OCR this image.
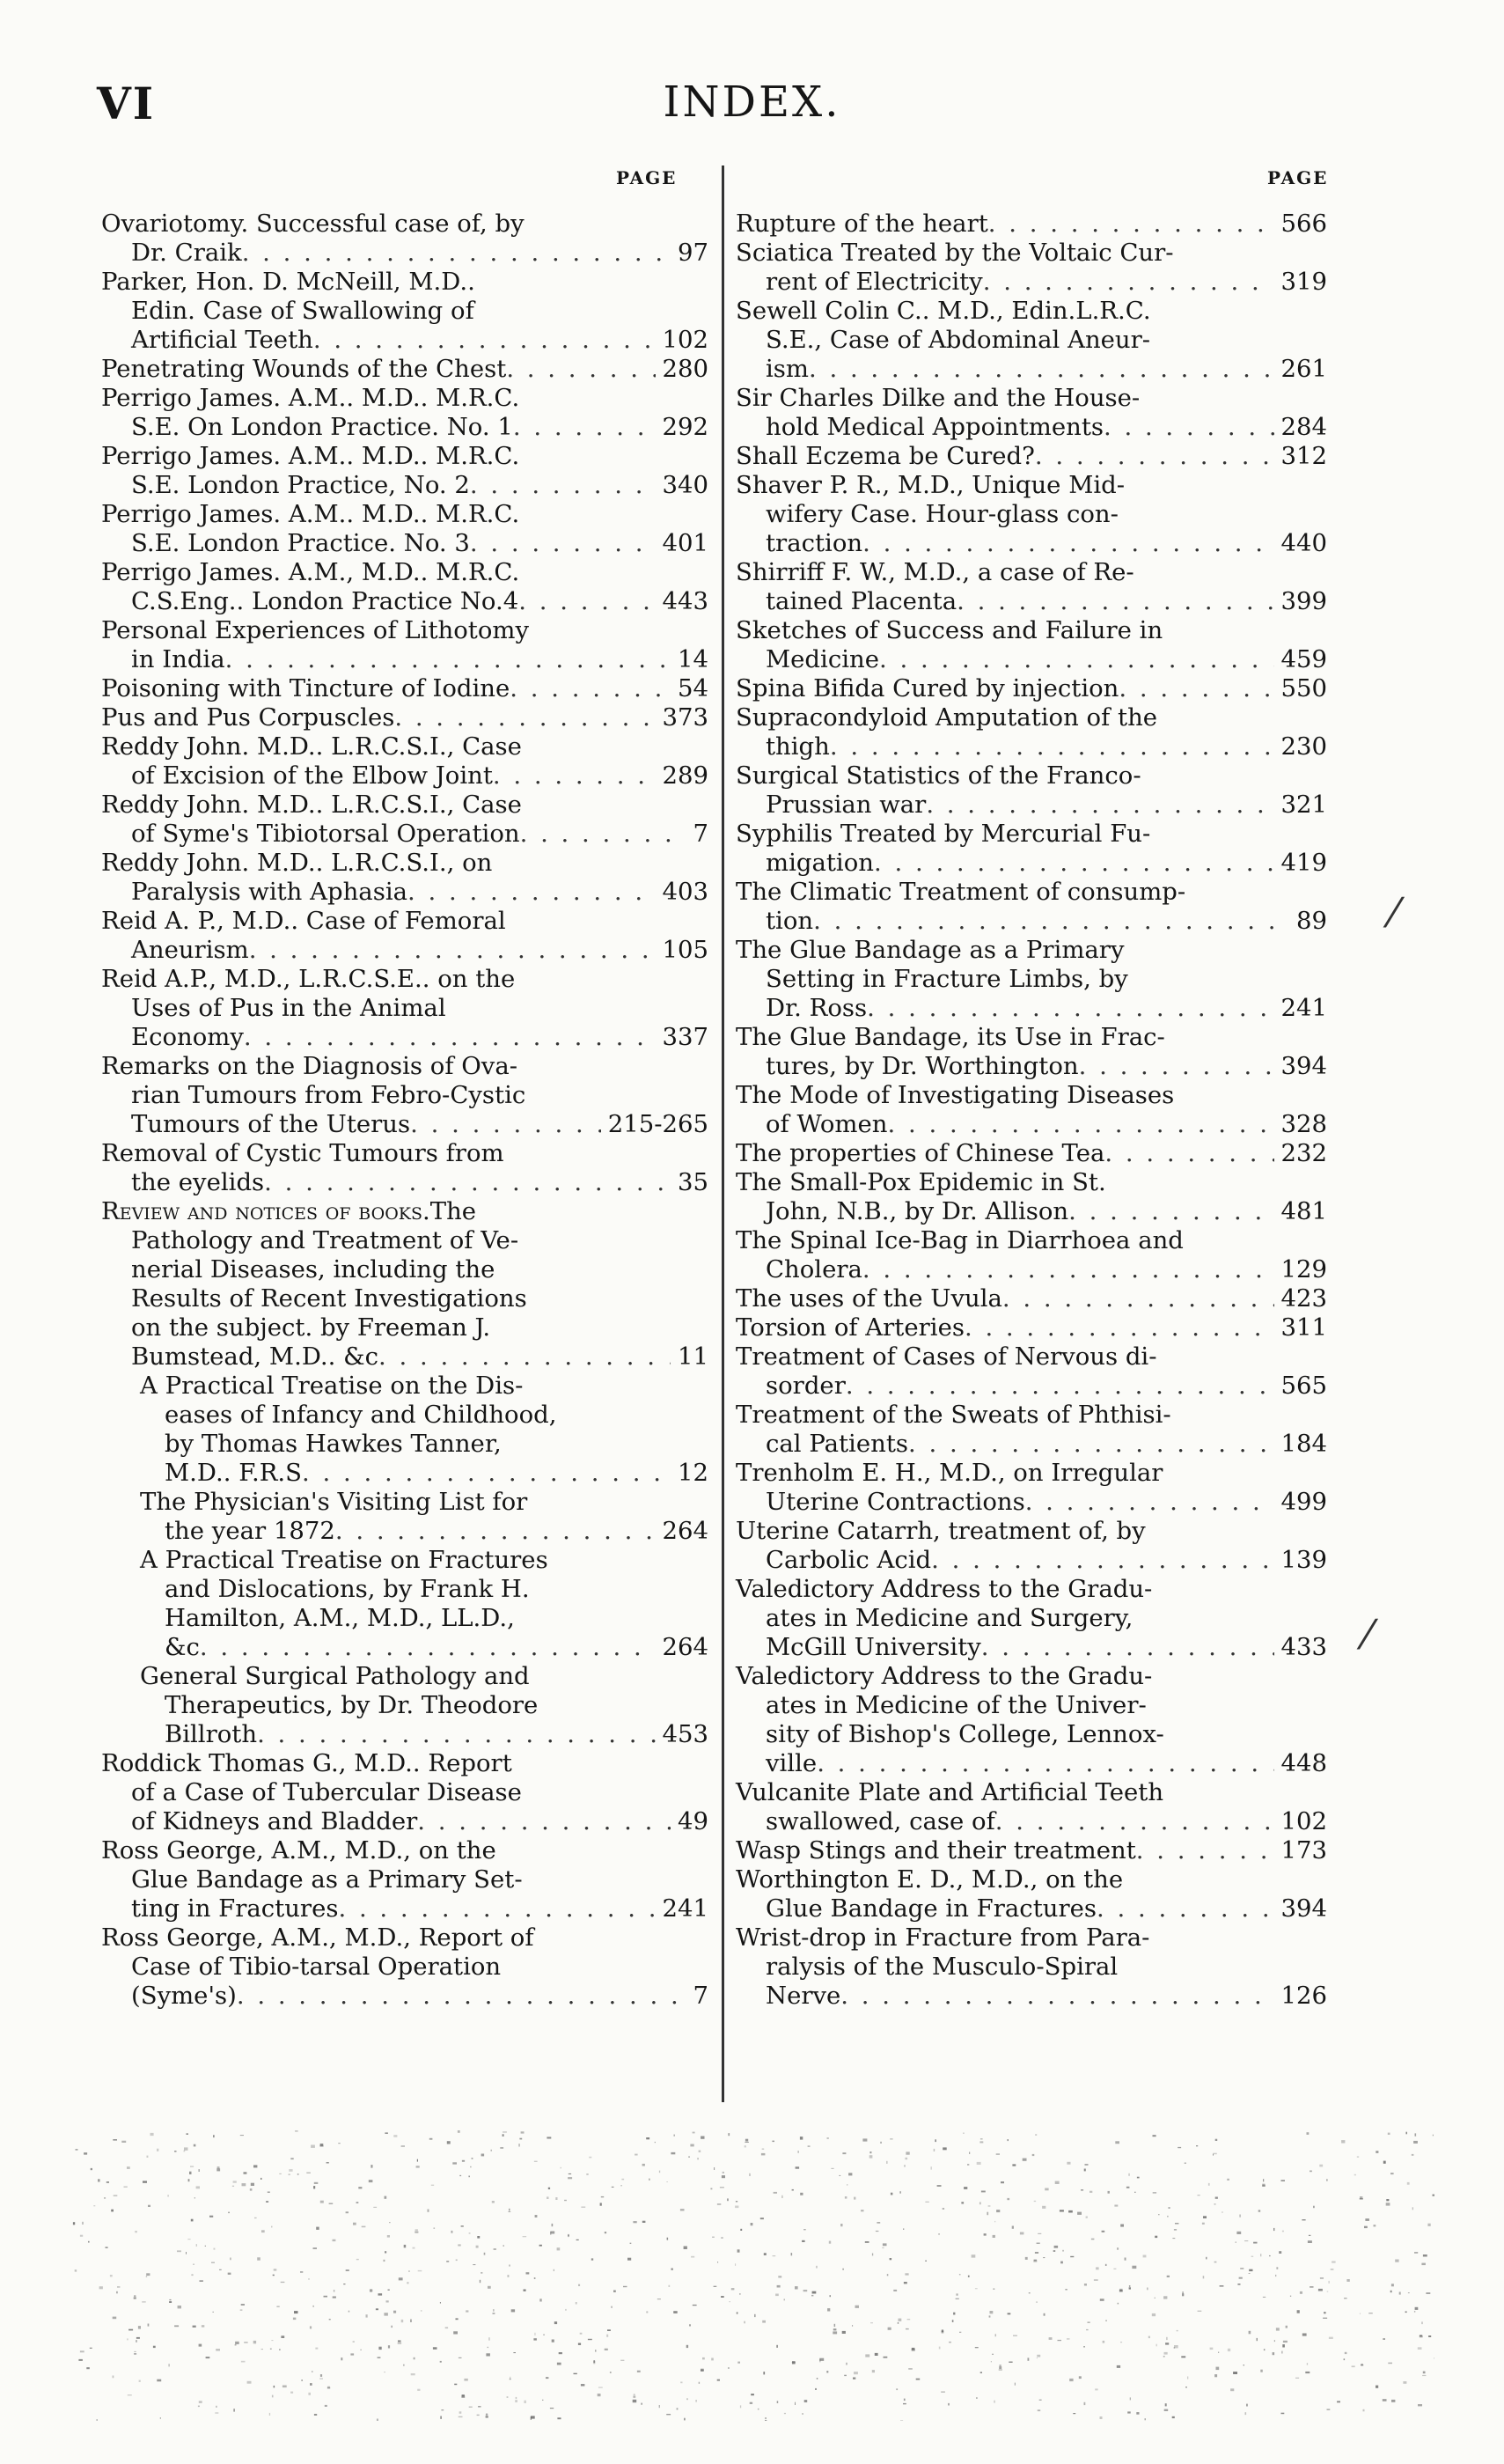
INDEX.
VI
PAGE	PAGE
Ovariotomy. Successful case of, by
Dr. Craik . . .	97
Parker, Hon. D. McNeill, M.D..
Edin. Case of Swallowing of
Artificial Teeth . . .	102
Penetrating Wounds of the Chest . . .	280
Perrigo James. A.M.. M.D.. M.R.C.
S.E. On London Practice. No. 1 . . .	292
Perrigo James. A.M.. M.D.. M.R.C.
S.E. London Practice, No. 2 . . .	340
Perrigo James. A.M.. M.D.. M.R.C.
S.E. London Practice. No. 3 . . .	401
Perrigo James. A.M., M.D.. M.R.C.
C.S.Eng.. London Practice No.4 . . .	443
Personal Experiences of Lithotomy
in India . . .	14
Poisoning with Tincture of Iodine . . .	54
Pus and Pus Corpuscles . . .	373
Reddy John. M.D.. L.R.C.S.I., Case
of Excision of the Elbow Joint . . .	289
Reddy John. M.D.. L.R.C.S.I., Case
of Syme's Tibiotorsal Operation . . .	7
Reddy John. M.D.. L.R.C.S.I., on
Paralysis with Aphasia . . .	403
Reid A. P., M.D.. Case of Femoral
Aneurism . . .	105
Reid A.P., M.D., L.R.C.S.E.. on the
Uses of Pus in the Animal
Economy . . .	337
Remarks on the Diagnosis of Ova-
rian Tumours from Febro-Cystic
Tumours of the Uterus . . .	215-265
Removal of Cystic Tumours from
the eyelids . . .	35
Review and notices of books. The
Pathology and Treatment of Ve-
nerial Diseases, including the
Results of Recent Investigations
on the subject. by Freeman J.
Bumstead, M.D.. &c . . .	11
A Practical Treatise on the Dis-
eases of Infancy and Childhood,
by Thomas Hawkes Tanner,
M.D.. F.R.S . . .	12
The Physician's Visiting List for
the year 1872 . . .	264
A Practical Treatise on Fractures
and Dislocations, by Frank H.
Hamilton, A.M., M.D., LL.D.,
&c . . .	264
General Surgical Pathology and
Therapeutics, by Dr. Theodore
Billroth . . .	453
Roddick Thomas G., M.D.. Report
of a Case of Tubercular Disease
of Kidneys and Bladder . . .	49
Ross George, A.M., M.D., on the
Glue Bandage as a Primary Set-
ting in Fractures . . .	241
Ross George, A.M., M.D., Report of
Case of Tibio-tarsal Operation
(Syme's) . . .	7
Rupture of the heart . . .	566
Sciatica Treated by the Voltaic Cur-
rent of Electricity . . .	319
Sewell Colin C.. M.D., Edin.L.R.C.
S.E., Case of Abdominal Aneur-
ism . . .	261
Sir Charles Dilke and the House-
hold Medical Appointments . . .	284
Shall Eczema be Cured? . . .	312
Shaver P. R., M.D., Unique Mid-
wifery Case. Hour-glass con-
traction . . .	440
Shirriff F. W., M.D., a case of Re-
tained Placenta . . .	399
Sketches of Success and Failure in
Medicine . . .	459
Spina Bifida Cured by injection . . .	550
Supracondyloid Amputation of the
thigh . . .	230
Surgical Statistics of the Franco-
Prussian war . . .	321
Syphilis Treated by Mercurial Fu-
migation . . .	419
The Climatic Treatment of consump-
tion . . .	89
The Glue Bandage as a Primary
Setting in Fracture Limbs, by
Dr. Ross . . .	241
The Glue Bandage, its Use in Frac-
tures, by Dr. Worthington . . .	394
The Mode of Investigating Diseases
of Women . . .	328
The properties of Chinese Tea . . .	232
The Small-Pox Epidemic in St.
John, N.B., by Dr. Allison . . .	481
The Spinal Ice-Bag in Diarrhoea and
Cholera . . .	129
The uses of the Uvula . . .	423
Torsion of Arteries . . .	311
Treatment of Cases of Nervous di-
sorder . . .	565
Treatment of the Sweats of Phthisi-
cal Patients . . .	184
Trenholm E. H., M.D., on Irregular
Uterine Contractions . . .	499
Uterine Catarrh, treatment of, by
Carbolic Acid . . .	139
Valedictory Address to the Gradu-
ates in Medicine and Surgery,
McGill University . . .	433
Valedictory Address to the Gradu-
ates in Medicine of the Univer-
sity of Bishop's College, Lennox-
ville . . .	448
Vulcanite Plate and Artificial Teeth
swallowed, case of . . .	102
Wasp Stings and their treatment . . .	173
Worthington E. D., M.D., on the
Glue Bandage in Fractures . . .	394
Wrist-drop in Fracture from Para-
ralysis of the Musculo-Spiral
Nerve . . .	126
⁄
⁄
